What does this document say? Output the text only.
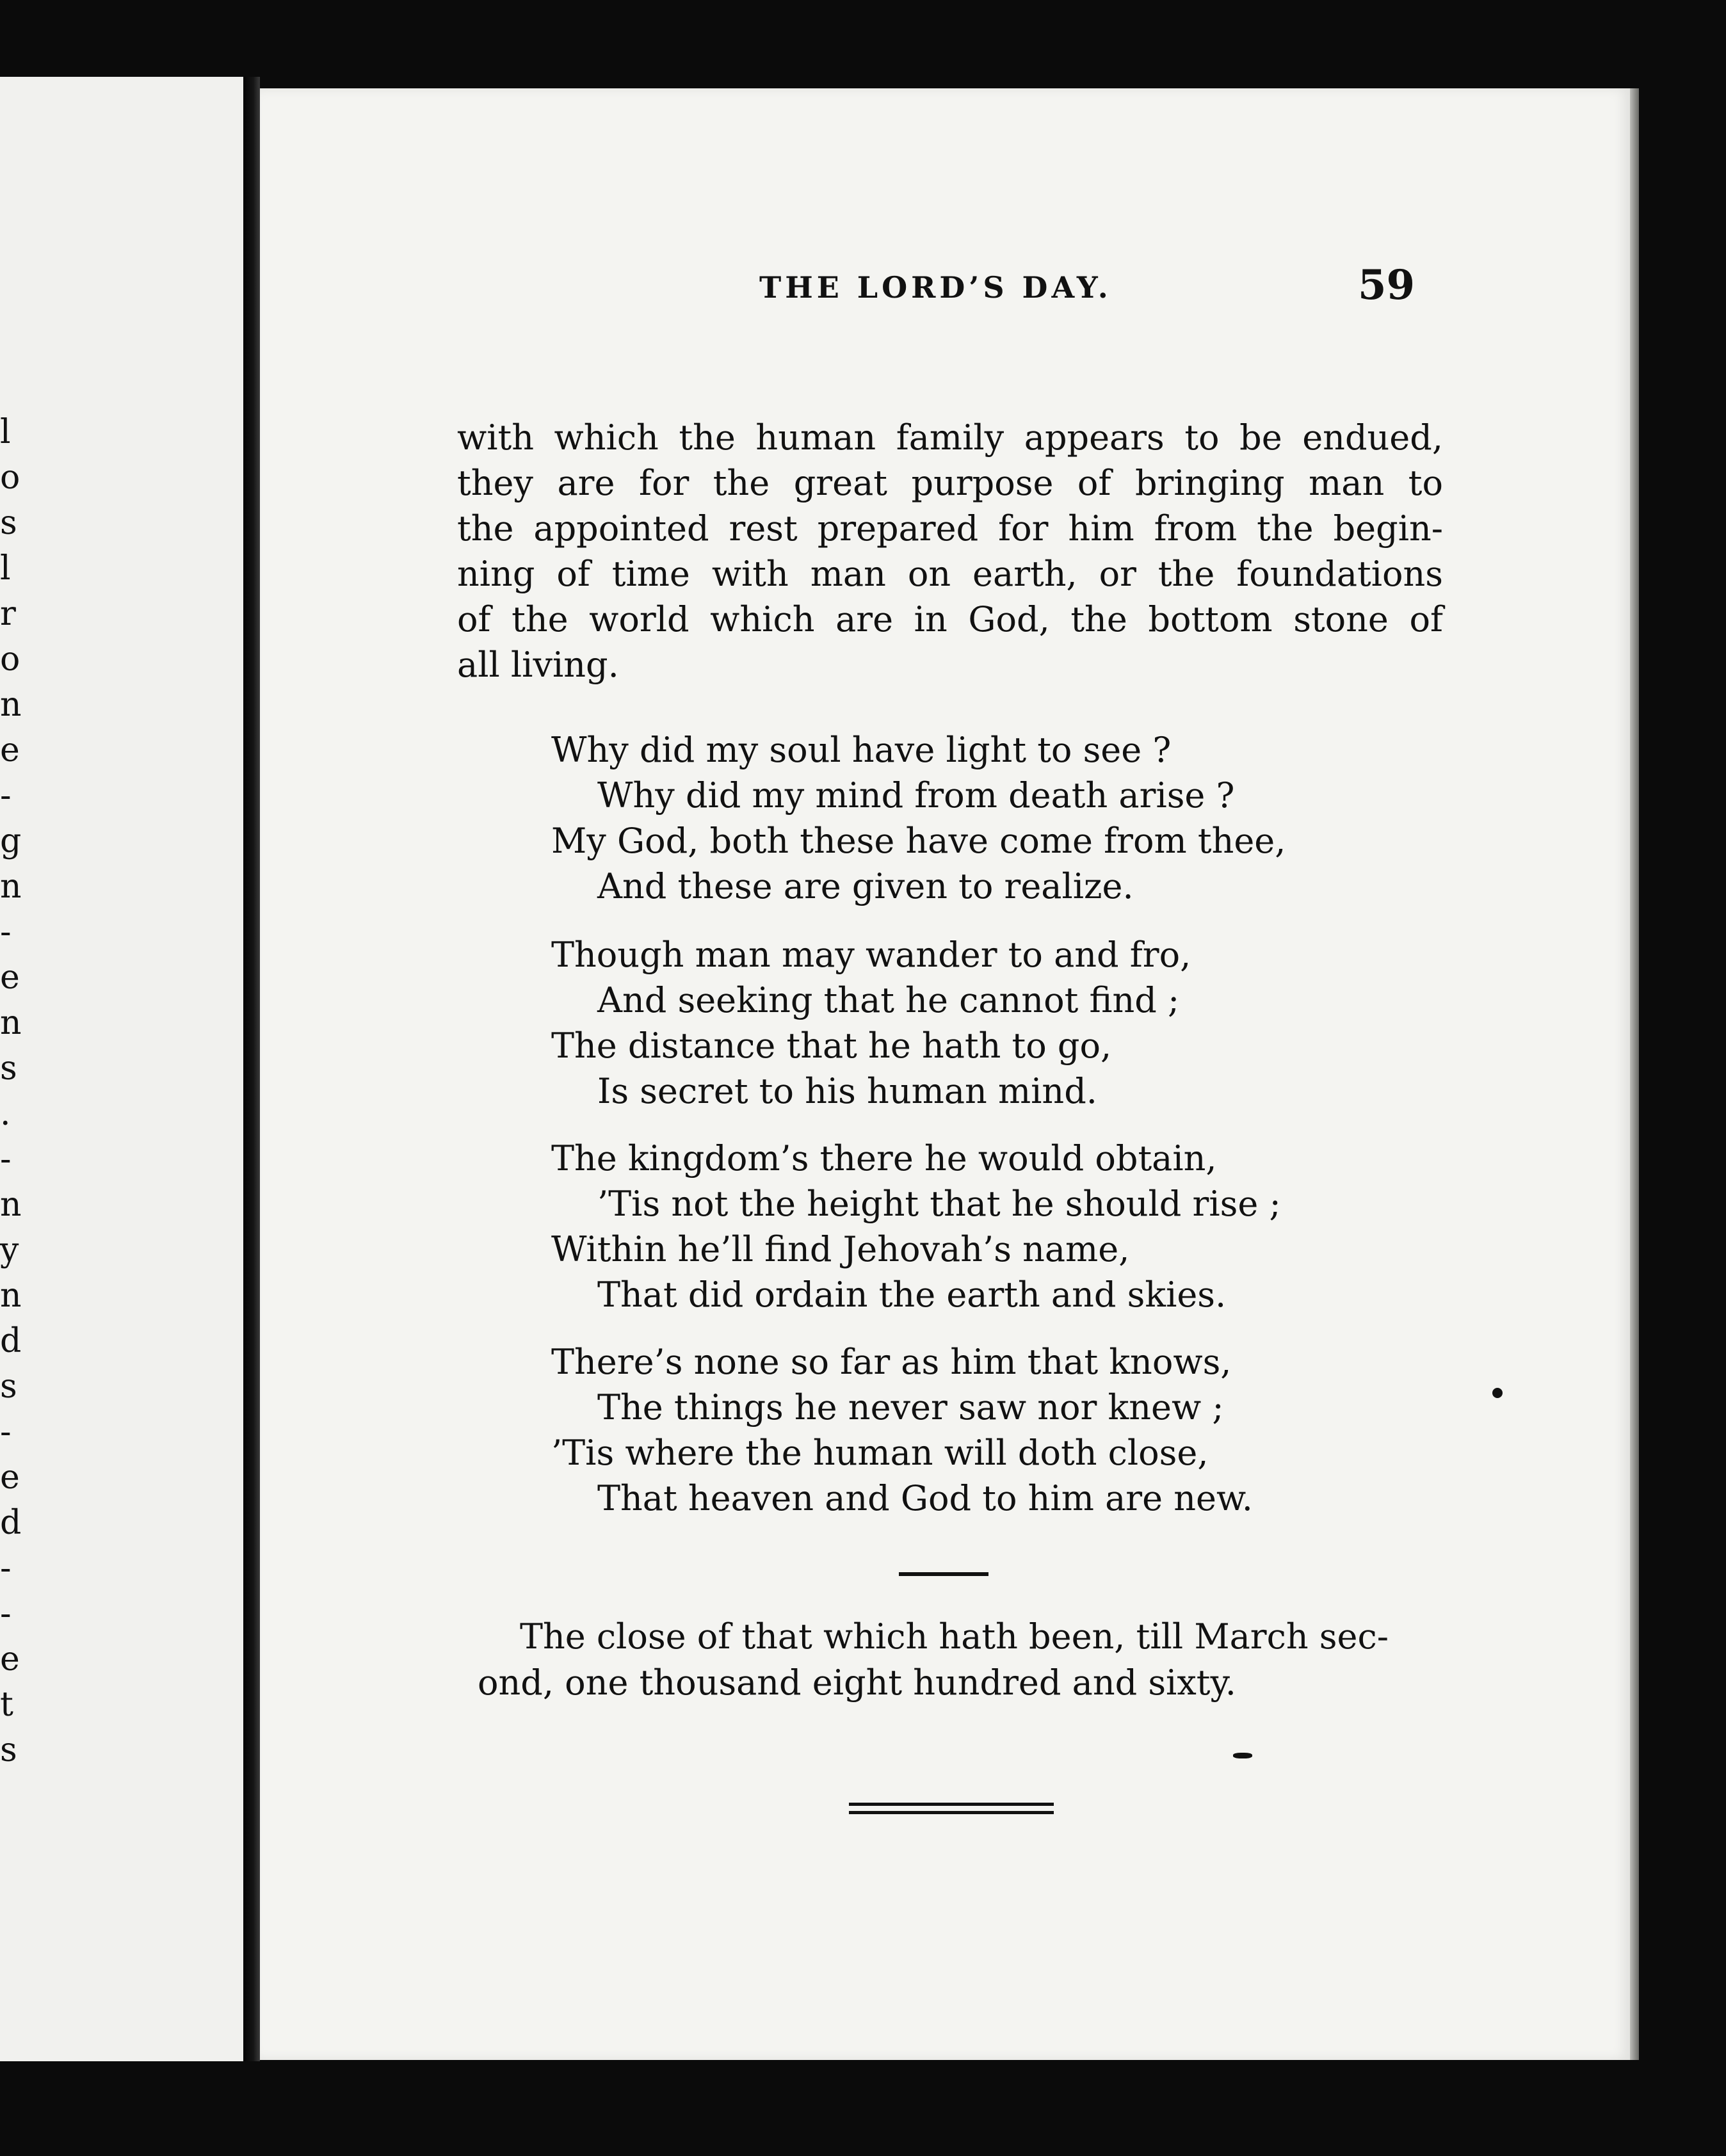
l
o
s
l
r
o
n
e
-
g
n
-
e
n
s
.
-
n
y
n
d
s
-
e
d
-
-
e
t
s
THE LORD’S DAY.	59
with which the human family appears to be endued,
they are for the great purpose of bringing man to
the appointed rest prepared for him from the begin-
ning of time with man on earth, or the foundations
of the world which are in God, the bottom stone of
all living.
Why did my soul have light to see ?
Why did my mind from death arise ?
My God, both these have come from thee,
And these are given to realize.
Though man may wander to and fro,
And seeking that he cannot find ;
The distance that he hath to go,
Is secret to his human mind.
The kingdom’s there he would obtain,
’Tis not the height that he should rise ;
Within he’ll find Jehovah’s name,
That did ordain the earth and skies.
There’s none so far as him that knows,
The things he never saw nor knew ;
’Tis where the human will doth close,
That heaven and God to him are new.
The close of that which hath been, till March sec-
ond, one thousand eight hundred and sixty.
